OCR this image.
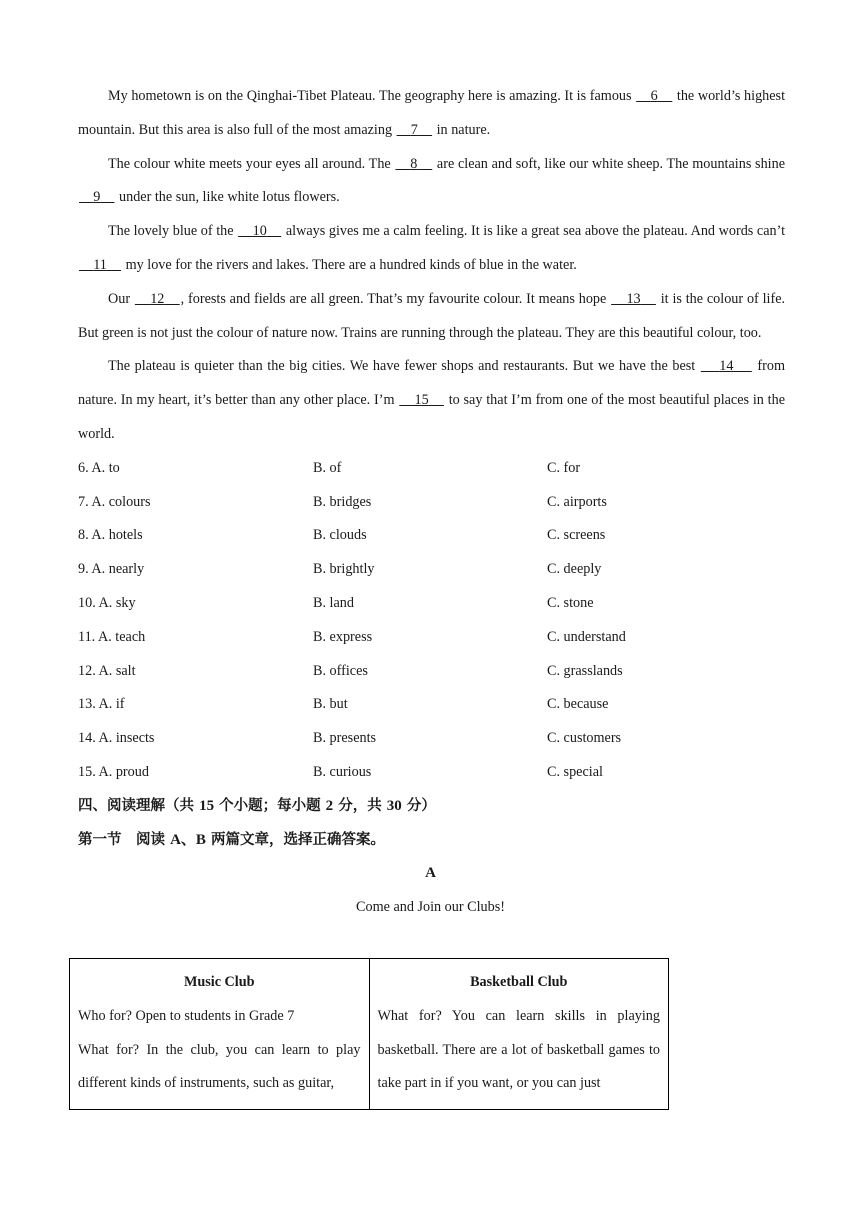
My hometown is on the Qinghai-Tibet Plateau. The geography here is amazing. It is famous     6     the world’s highest mountain. But this area is also full of the most amazing     7     in nature.

The colour white meets your eyes all around. The     8     are clean and soft, like our white sheep. The mountains shine     9     under the sun, like white lotus flowers.

The lovely blue of the     10     always gives me a calm feeling. It is like a great sea above the plateau. And words can’t     11     my love for the rivers and lakes. There are a hundred kinds of blue in the water.

Our     12 , forests and fields are all green. That’s my favourite colour. It means hope     13     it is the colour of life. But green is not just the colour of nature now. Trains are running through the plateau. They are this beautiful colour, too.

The plateau is quieter than the big cities. We have fewer shops and restaurants. But we have the best     14     from nature. In my heart, it’s better than any other place. I’m     15     to say that I’m from one of the most beautiful places in the world.

6. A. to	B. of	C. for
7. A. colours	B. bridges	C. airports
8. A. hotels	B. clouds	C. screens
9. A. nearly	B. brightly	C. deeply
10. A. sky	B. land	C. stone
11. A. teach	B. express	C. understand
12. A. salt	B. offices	C. grasslands
13. A. if	B. but	C. because
14. A. insects	B. presents	C. customers
15. A. proud	B. curious	C. special
四、阅读理解（共 15 个小题；每小题 2 分，共 30 分）
第一节　阅读 A、B 两篇文章，选择正确答案。
A
Come and Join our Clubs!
Music Club
Who for? Open to students in Grade 7
What for? In the club, you can learn to play different kinds of instruments, such as guitar,

Basketball Club
What for? You can learn skills in playing basketball. There are a lot of basketball games to take part in if you want, or you can just
